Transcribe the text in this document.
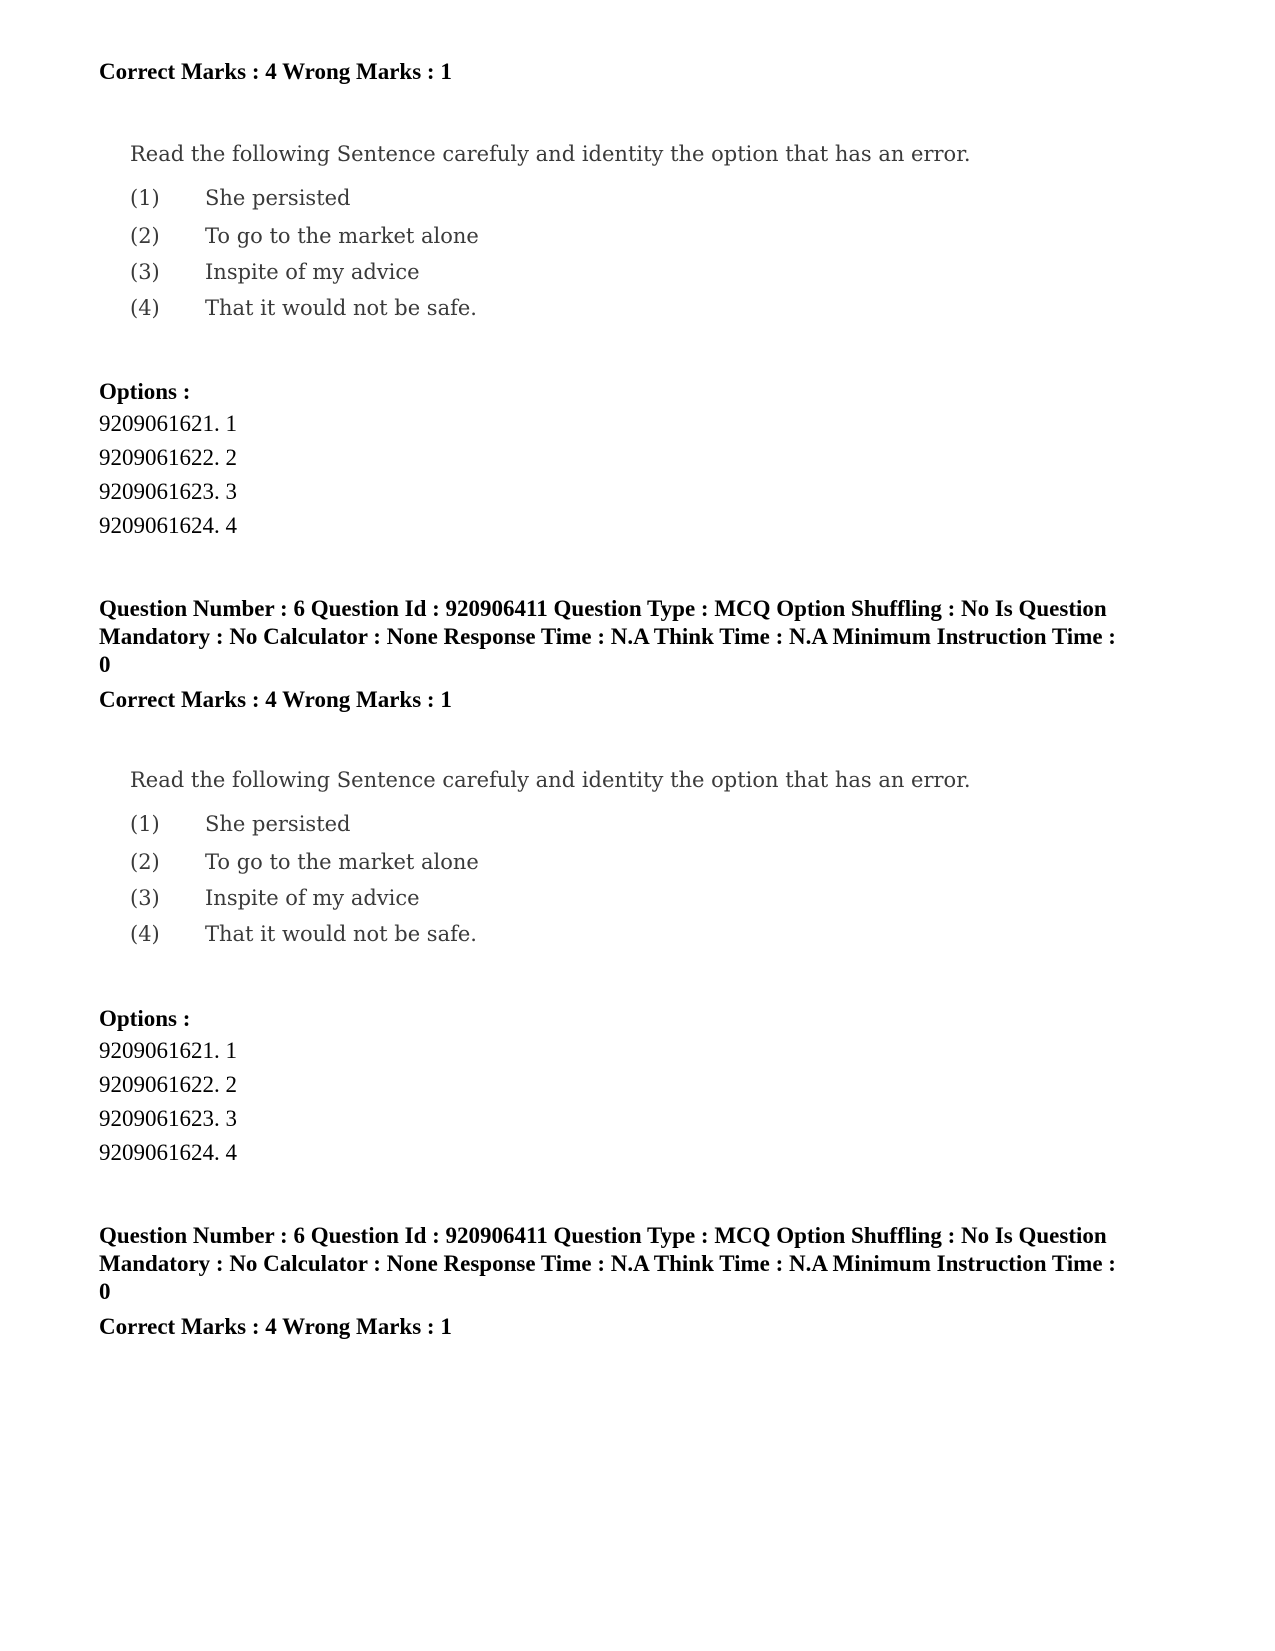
Correct Marks : 4 Wrong Marks : 1
Read the following Sentence carefuly and identity the option that has an error.
(1)	She persisted
(2)	To go to the market alone
(3)	Inspite of my advice
(4)	That it would not be safe.
Options :
9209061621. 1
9209061622. 2
9209061623. 3
9209061624. 4
Question Number : 6 Question Id : 920906411 Question Type : MCQ Option Shuffling : No Is Question Mandatory : No Calculator : None Response Time : N.A Think Time : N.A Minimum Instruction Time : 0
Correct Marks : 4 Wrong Marks : 1
Read the following Sentence carefuly and identity the option that has an error.
(1)	She persisted
(2)	To go to the market alone
(3)	Inspite of my advice
(4)	That it would not be safe.
Options :
9209061621. 1
9209061622. 2
9209061623. 3
9209061624. 4
Question Number : 6 Question Id : 920906411 Question Type : MCQ Option Shuffling : No Is Question Mandatory : No Calculator : None Response Time : N.A Think Time : N.A Minimum Instruction Time : 0
Correct Marks : 4 Wrong Marks : 1
